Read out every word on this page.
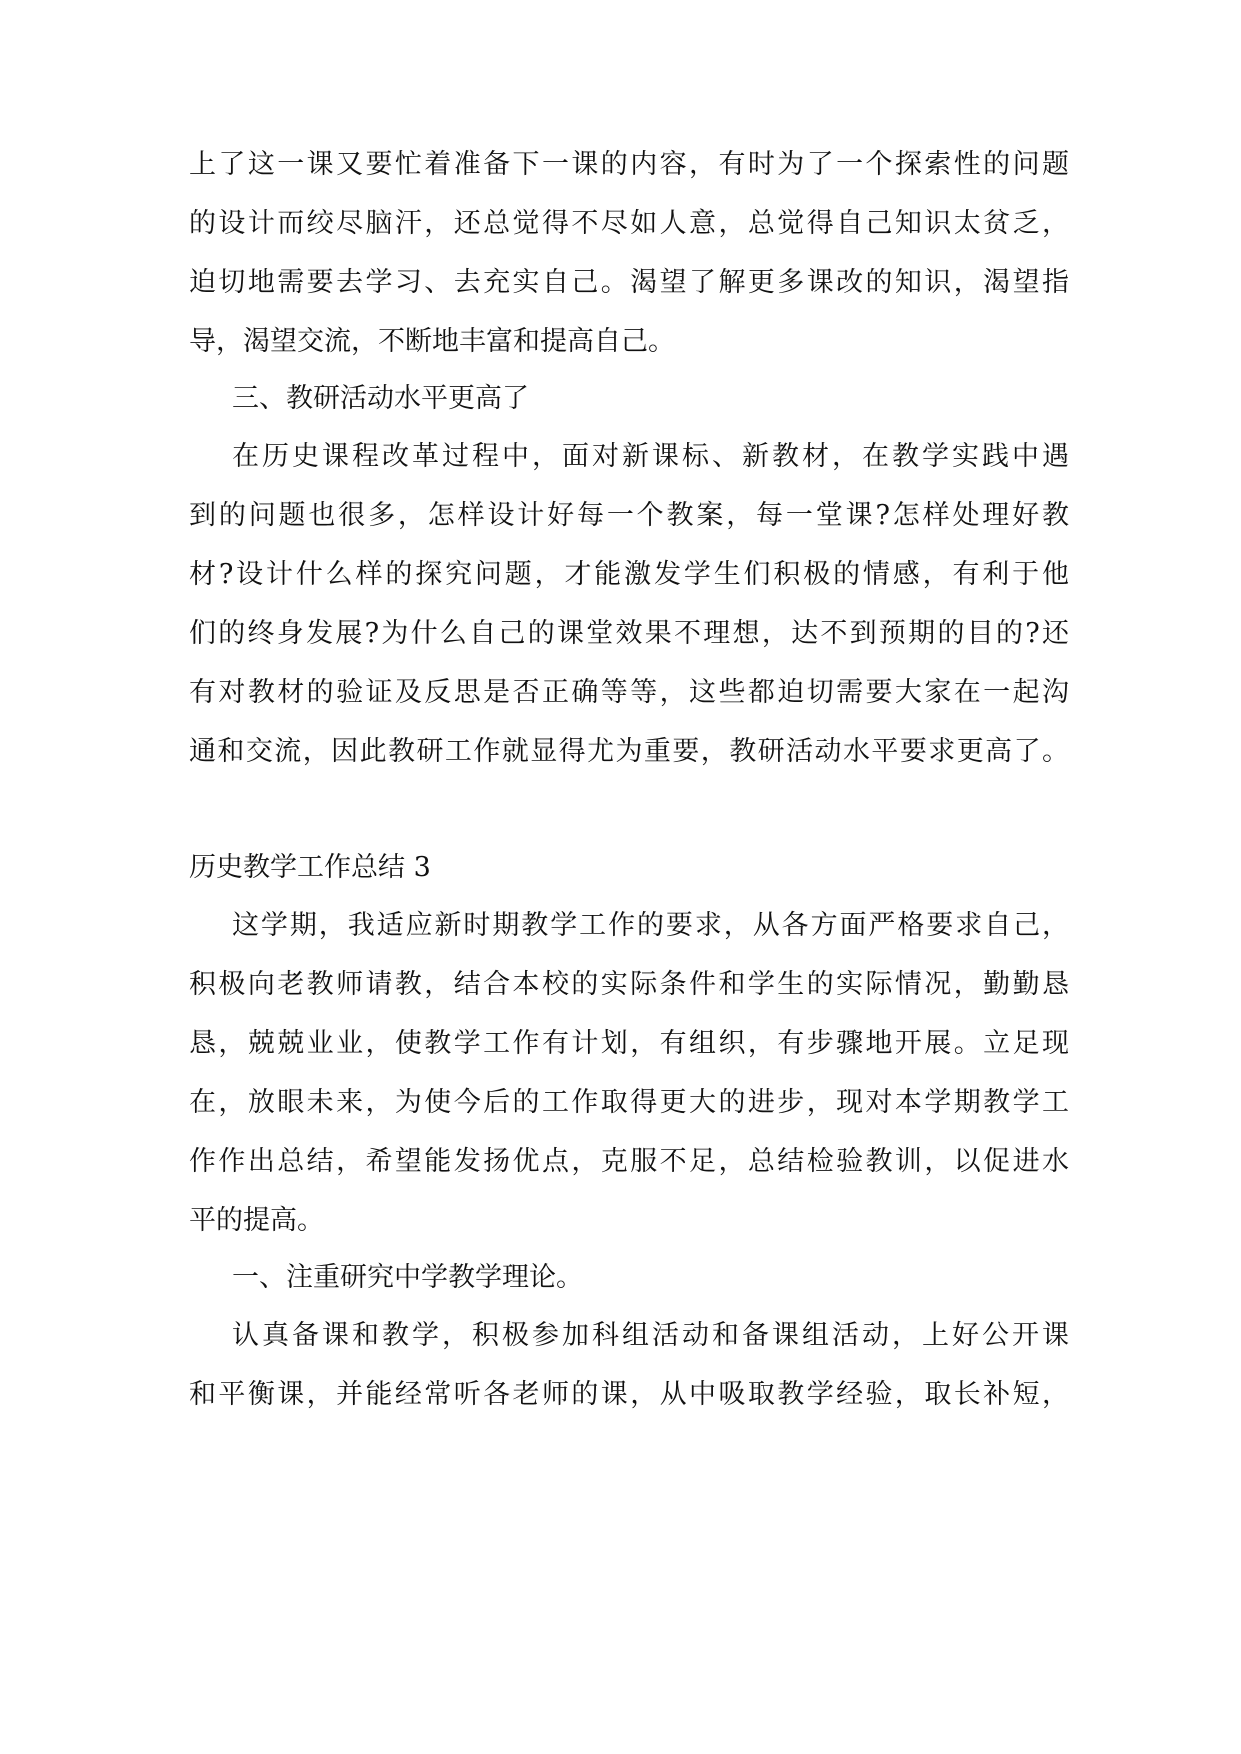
上了这一课又要忙着准备下一课的内容，有时为了一个探索性的问题
的设计而绞尽脑汗，还总觉得不尽如人意，总觉得自己知识太贫乏，
迫切地需要去学习、去充实自己。渴望了解更多课改的知识，渴望指
导，渴望交流，不断地丰富和提高自己。
三、教研活动水平更高了
在历史课程改革过程中，面对新课标、新教材，在教学实践中遇
到的问题也很多，怎样设计好每一个教案，每一堂课?怎样处理好教
材?设计什么样的探究问题，才能激发学生们积极的情感，有利于他
们的终身发展?为什么自己的课堂效果不理想，达不到预期的目的?还
有对教材的验证及反思是否正确等等，这些都迫切需要大家在一起沟
通和交流，因此教研工作就显得尤为重要，教研活动水平要求更高了。
历史教学工作总结 3
这学期，我适应新时期教学工作的要求，从各方面严格要求自己，
积极向老教师请教，结合本校的实际条件和学生的实际情况，勤勤恳
恳，兢兢业业，使教学工作有计划，有组织，有步骤地开展。立足现
在，放眼未来，为使今后的工作取得更大的进步，现对本学期教学工
作作出总结，希望能发扬优点，克服不足，总结检验教训，以促进水
平的提高。
一、注重研究中学教学理论。
认真备课和教学，积极参加科组活动和备课组活动，上好公开课
和平衡课，并能经常听各老师的课，从中吸取教学经验，取长补短，
